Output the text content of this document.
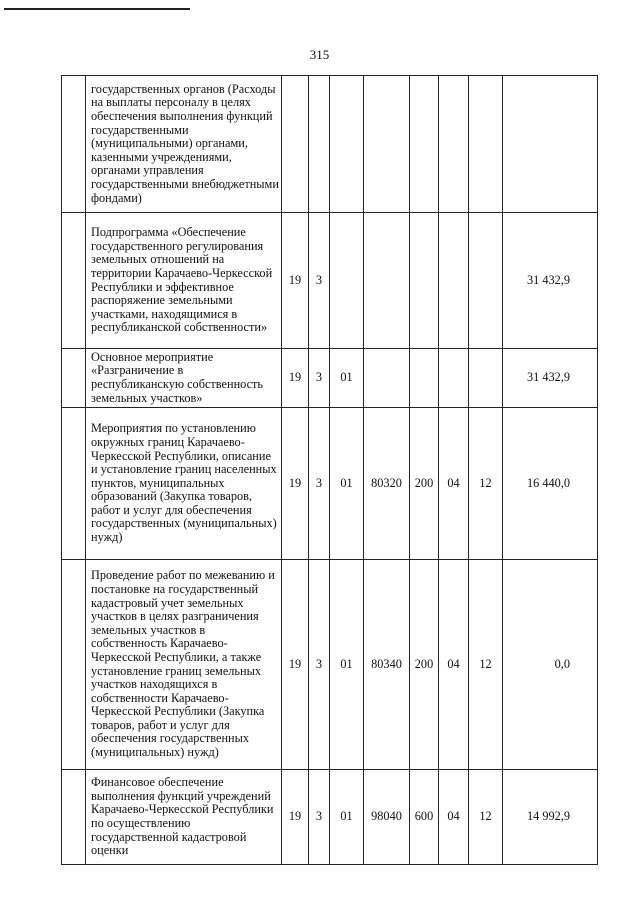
315
	государственных органов (Расходы на выплаты персоналу в целях обеспечения выполнения функций государственными (муниципальными) органами, казенными учреждениями, органами управления государственными внебюджетными фондами)								
	Подпрограмма «Обеспечение государственного регулирования земельных отношений на территории Карачаево-Черкесской Республики и эффективное распоряжение земельными участками, находящимися в республиканской собственности»	19	3						31 432,9
	Основное мероприятие «Разграничение в республиканскую собственность земельных участков»	19	3	01					31 432,9
	Мероприятия по установлению окружных границ Карачаево-Черкесской Республики, описание и установление границ населенных пунктов, муниципальных образований (Закупка товаров, работ и услуг для обеспечения государственных (муниципальных) нужд)	19	3	01	80320	200	04	12	16 440,0
	Проведение работ по межеванию и постановке на государственный кадастровый учет земельных участков в целях разграничения земельных участков в собственность Карачаево-Черкесской Республики, а также установление границ земельных участков находящихся в собственности Карачаево-Черкесской Республики (Закупка товаров, работ и услуг для обеспечения государственных (муниципальных) нужд)	19	3	01	80340	200	04	12	0,0
	Финансовое обеспечение выполнения функций учреждений Карачаево-Черкесской Республики по осуществлению государственной кадастровой оценки	19	3	01	98040	600	04	12	14 992,9
